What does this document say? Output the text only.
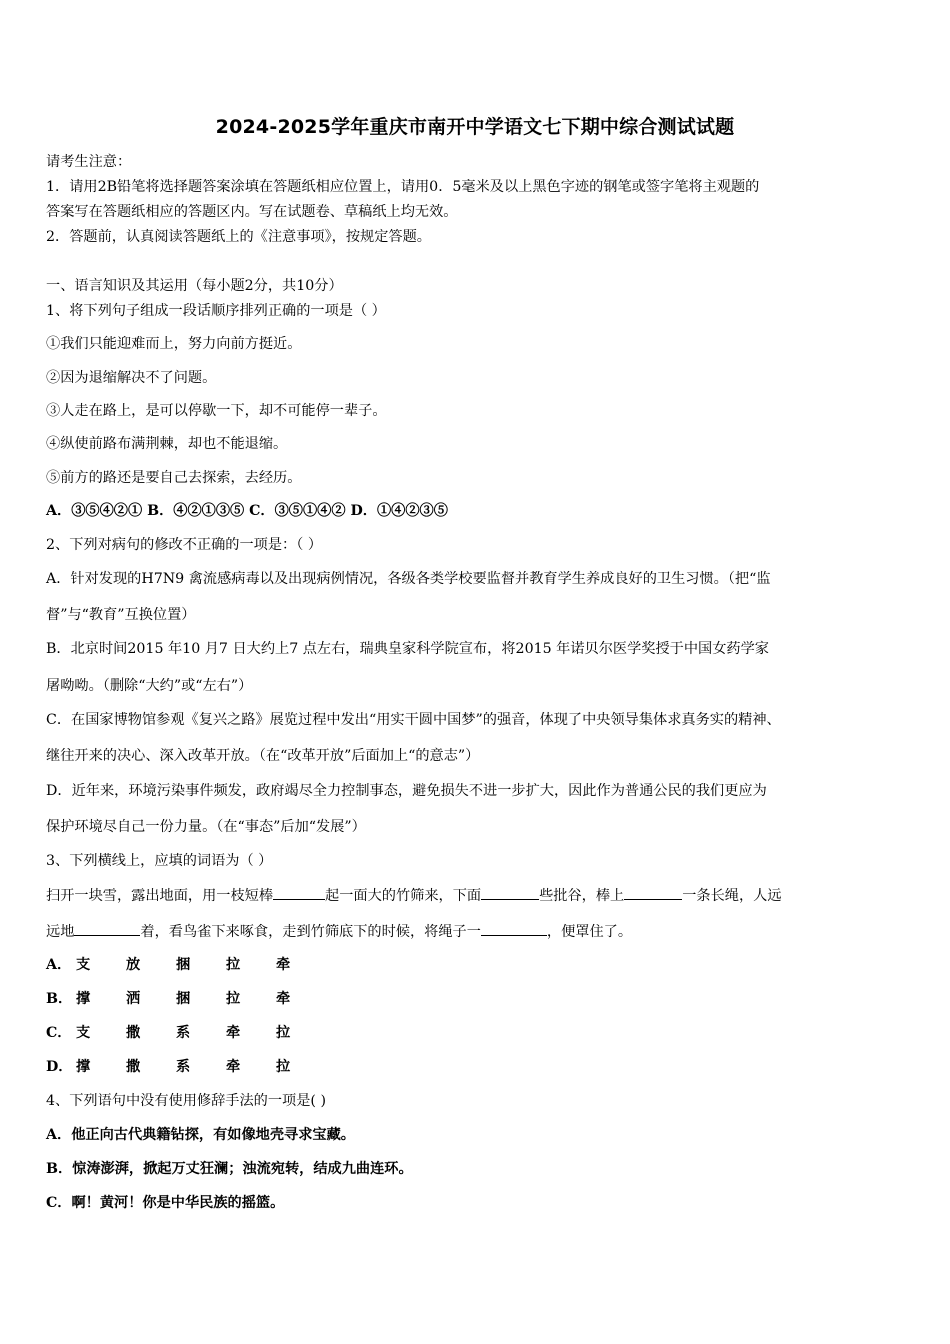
2024-2025学年重庆市南开中学语文七下期中综合测试试题
请考生注意：
1．请用2B铅笔将选择题答案涂填在答题纸相应位置上，请用0．5毫米及以上黑色字迹的钢笔或签字笔将主观题的
答案写在答题纸相应的答题区内。写在试题卷、草稿纸上均无效。
2．答题前，认真阅读答题纸上的《注意事项》，按规定答题。
一、语言知识及其运用（每小题2分，共10分）
1、将下列句子组成一段话顺序排列正确的一项是（ ）
①我们只能迎难而上，努力向前方挺近。
②因为退缩解决不了问题。
③人走在路上，是可以停歇一下，却不可能停一辈子。
④纵使前路布满荆棘，却也不能退缩。
⑤前方的路还是要自己去探索，去经历。
A．③⑤④②① B．④②①③⑤ C．③⑤①④② D．①④②③⑤
2、下列对病句的修改不正确的一项是：（ ）
A．针对发现的H7N9 禽流感病毒以及出现病例情况，各级各类学校要监督并教育学生养成良好的卫生习惯。（把“监
督”与“教育”互换位置）
B．北京时间2015 年10 月7 日大约上7 点左右，瑞典皇家科学院宣布，将2015 年诺贝尔医学奖授于中国女药学家
屠呦呦。（删除“大约”或“左右”）
C．在国家博物馆参观《复兴之路》展览过程中发出“用实干圆中国梦”的强音，体现了中央领导集体求真务实的精神、
继往开来的决心、深入改革开放。（在“改革开放”后面加上“的意志”）
D．近年来，环境污染事件频发，政府竭尽全力控制事态，避免损失不进一步扩大，因此作为普通公民的我们更应为
保护环境尽自己一份力量。（在“事态”后加“发展”）
3、下列横线上，应填的词语为（ ）
扫开一块雪，露出地面，用一枝短棒	起一面大的竹筛来，下面	些批谷，棒上	一条长绳，人远
远地	着，看鸟雀下来啄食，走到竹筛底下的时候，将绳子一	，便罩住了。
A． 支	放	捆	拉	牵
B． 撑	洒	捆	拉	牵
C． 支	撒	系	牵	拉
D． 撑	撒	系	牵	拉
4、下列语句中没有使用修辞手法的一项是( )
A．他正向古代典籍钻探，有如像地壳寻求宝藏。
B．惊涛澎湃，掀起万丈狂澜；浊流宛转，结成九曲连环。
C．啊！黄河！你是中华民族的摇篮。
